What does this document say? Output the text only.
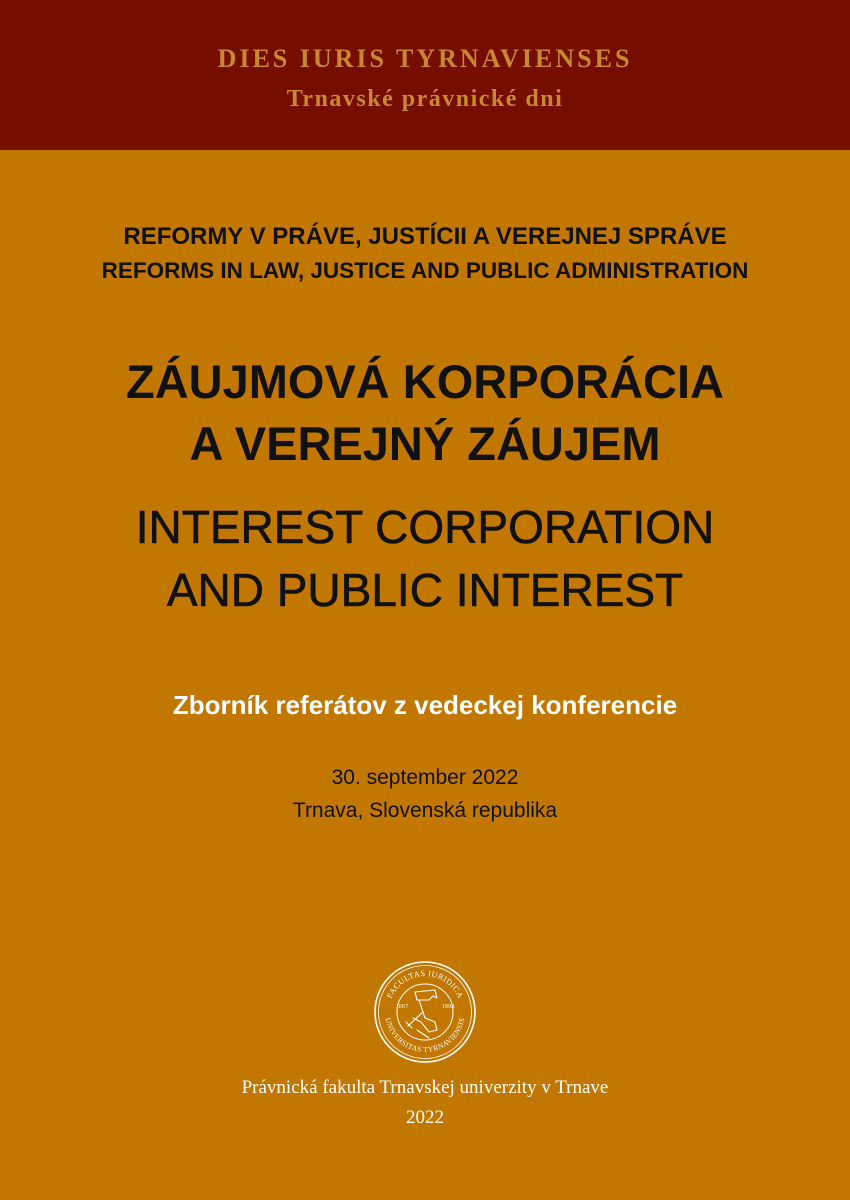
DIES IURIS TYRNAVIENSES
Trnavské právnické dni
REFORMY V PRÁVE, JUSTÍCII A VEREJNEJ SPRÁVE
REFORMS IN LAW, JUSTICE AND PUBLIC ADMINISTRATION
ZÁUJMOVÁ KORPORÁCIA
A VEREJNÝ ZÁUJEM
INTEREST CORPORATION
AND PUBLIC INTEREST
Zborník referátov z vedeckej konferencie
30. september 2022
Trnava, Slovenská republika
FACULTAS IURIDICA
UNIVERSITAS TYRNAVIENSIS
1667	1998
Právnická fakulta Trnavskej univerzity v Trnave
2022
